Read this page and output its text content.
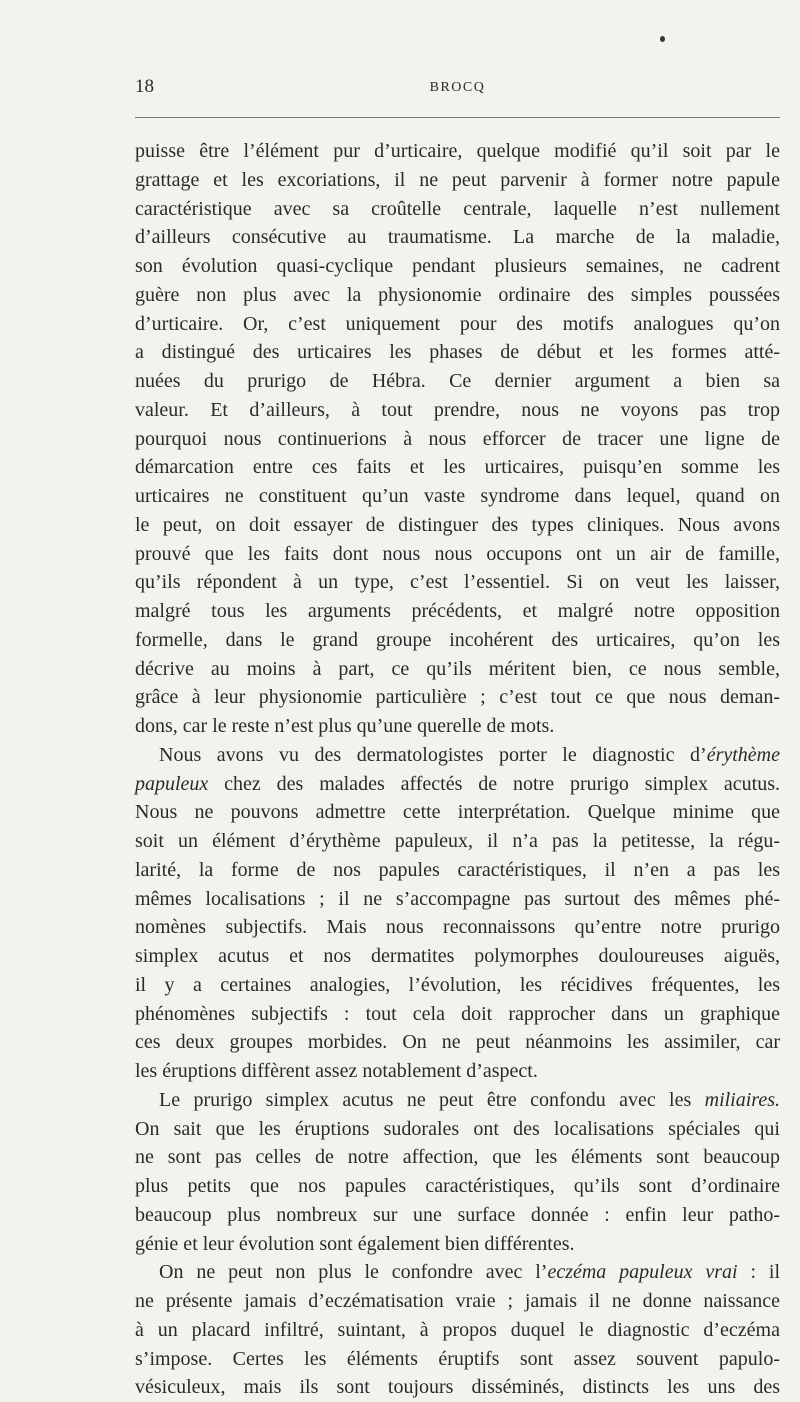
18	BROCQ
puisse être l’élément pur d’urticaire, quelque modifié qu’il soit par le
grattage et les excoriations, il ne peut parvenir à former notre papule
caractéristique avec sa croûtelle centrale, laquelle n’est nullement
d’ailleurs consécutive au traumatisme. La marche de la maladie,
son évolution quasi-cyclique pendant plusieurs semaines, ne cadrent
guère non plus avec la physionomie ordinaire des simples poussées
d’urticaire. Or, c’est uniquement pour des motifs analogues qu’on
a distingué des urticaires les phases de début et les formes atté-
nuées du prurigo de Hébra. Ce dernier argument a bien sa
valeur. Et d’ailleurs, à tout prendre, nous ne voyons pas trop
pourquoi nous continuerions à nous efforcer de tracer une ligne de
démarcation entre ces faits et les urticaires, puisqu’en somme les
urticaires ne constituent qu’un vaste syndrome dans lequel, quand on
le peut, on doit essayer de distinguer des types cliniques. Nous avons
prouvé que les faits dont nous nous occupons ont un air de famille,
qu’ils répondent à un type, c’est l’essentiel. Si on veut les laisser,
malgré tous les arguments précédents, et malgré notre opposition
formelle, dans le grand groupe incohérent des urticaires, qu’on les
décrive au moins à part, ce qu’ils méritent bien, ce nous semble,
grâce à leur physionomie particulière ; c’est tout ce que nous deman-
dons, car le reste n’est plus qu’une querelle de mots.
Nous avons vu des dermatologistes porter le diagnostic d’érythème
papuleux chez des malades affectés de notre prurigo simplex acutus.
Nous ne pouvons admettre cette interprétation. Quelque minime que
soit un élément d’érythème papuleux, il n’a pas la petitesse, la régu-
larité, la forme de nos papules caractéristiques, il n’en a pas les
mêmes localisations ; il ne s’accompagne pas surtout des mêmes phé-
nomènes subjectifs. Mais nous reconnaissons qu’entre notre prurigo
simplex acutus et nos dermatites polymorphes douloureuses aiguës,
il y a certaines analogies, l’évolution, les récidives fréquentes, les
phénomènes subjectifs : tout cela doit rapprocher dans un graphique
ces deux groupes morbides. On ne peut néanmoins les assimiler, car
les éruptions diffèrent assez notablement d’aspect.
Le prurigo simplex acutus ne peut être confondu avec les miliaires.
On sait que les éruptions sudorales ont des localisations spéciales qui
ne sont pas celles de notre affection, que les éléments sont beaucoup
plus petits que nos papules caractéristiques, qu’ils sont d’ordinaire
beaucoup plus nombreux sur une surface donnée : enfin leur patho-
génie et leur évolution sont également bien différentes.
On ne peut non plus le confondre avec l’eczéma papuleux vrai : il
ne présente jamais d’eczématisation vraie ; jamais il ne donne naissance
à un placard infiltré, suintant, à propos duquel le diagnostic d’eczéma
s’impose. Certes les éléments éruptifs sont assez souvent papulo-
vésiculeux, mais ils sont toujours disséminés, distincts les uns des
